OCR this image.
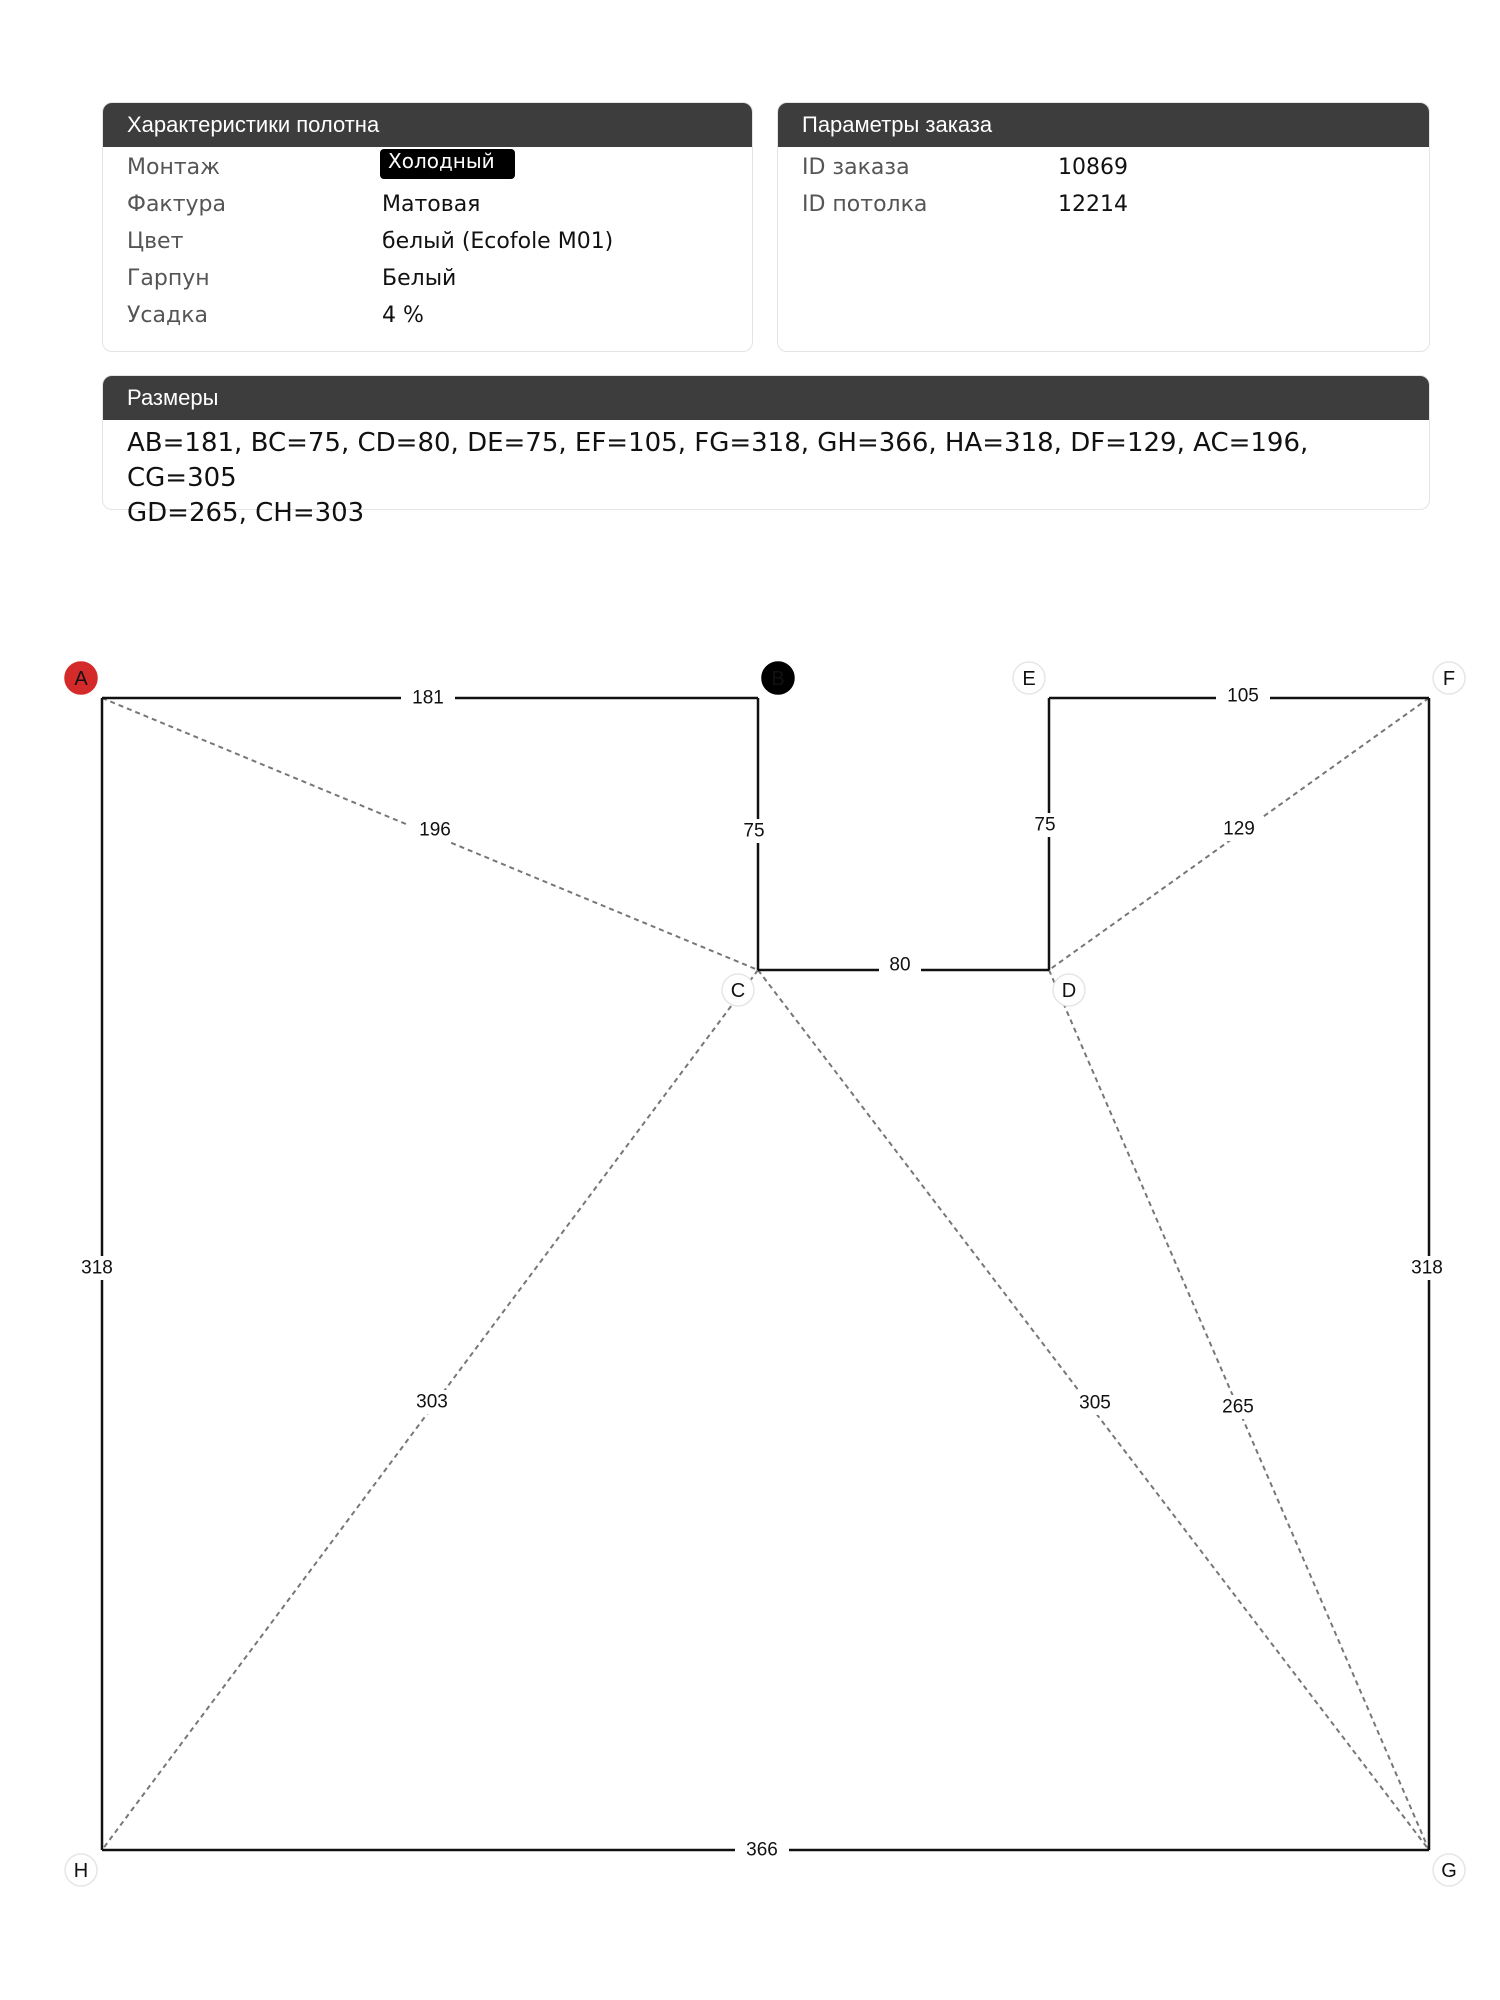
Характеристики полотна
Монтаж	Холодный
Фактура	Матовая
Цвет	белый (Ecofole M01)
Гарпун	Белый
Усадка	4 %
Параметры заказа
ID заказа	10869
ID потолка	12214
Размеры
AB=181, BC=75, CD=80, DE=75, EF=105, FG=318, GH=366, HA=318, DF=129, AC=196, CG=305
GD=265, CH=303
196	129
303	305	265
181
75
80
75
105
318
366
318
A	B
C	D
E	F
G
H
